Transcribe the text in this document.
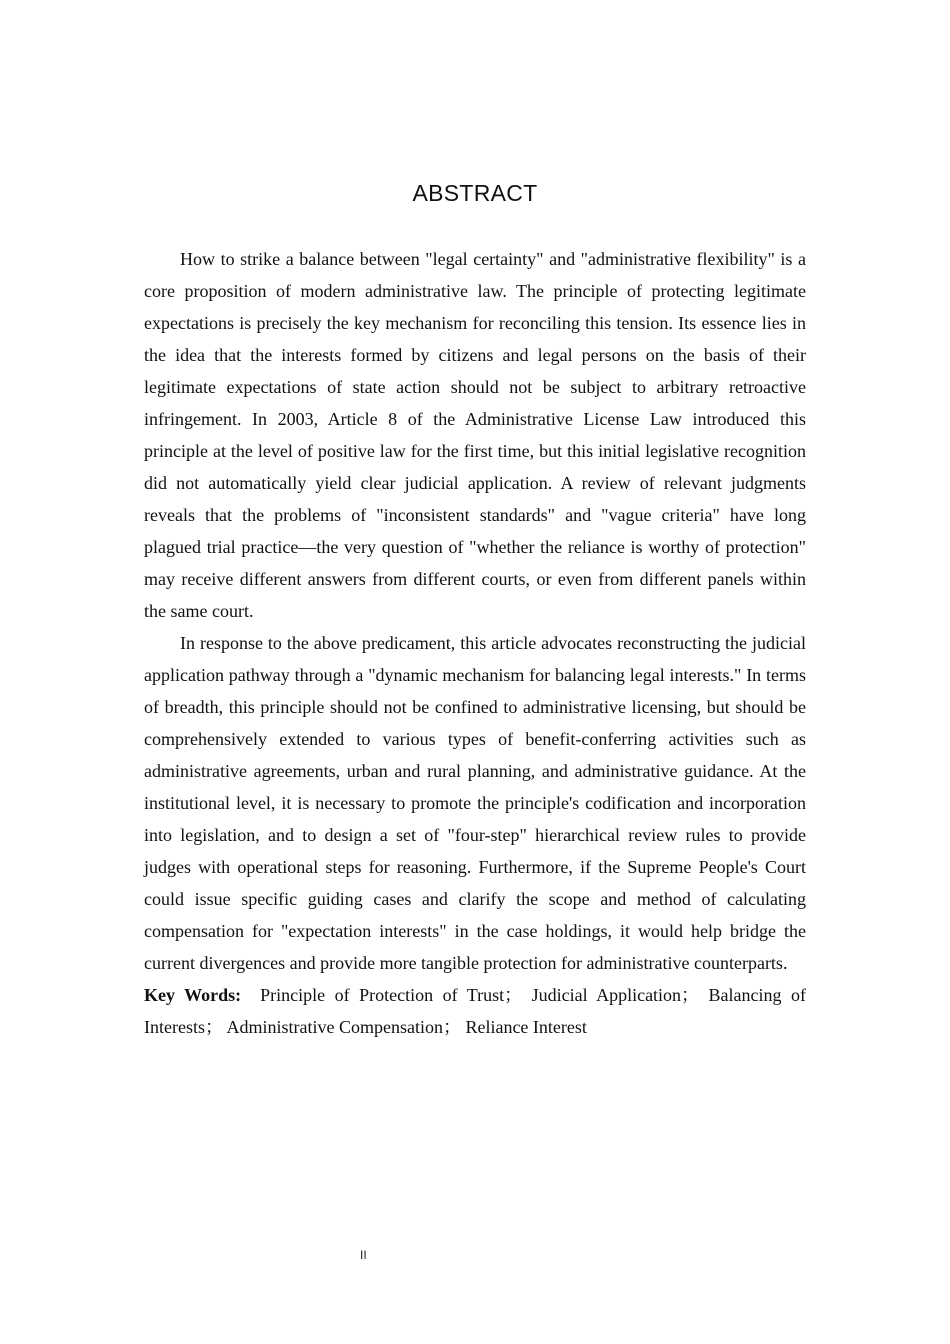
ABSTRACT

How to strike a balance between "legal certainty" and "administrative flexibility" is a core proposition of modern administrative law. The principle of protecting legitimate expectations is precisely the key mechanism for reconciling this tension. Its essence lies in the idea that the interests formed by citizens and legal persons on the basis of their legitimate expectations of state action should not be subject to arbitrary retroactive infringement. In 2003, Article 8 of the Administrative License Law introduced this principle at the level of positive law for the first time, but this initial legislative recognition did not automatically yield clear judicial application. A review of relevant judgments reveals that the problems of "inconsistent standards" and "vague criteria" have long plagued trial practice—the very question of "whether the reliance is worthy of protection" may receive different answers from different courts, or even from different panels within the same court.

In response to the above predicament, this article advocates reconstructing the judicial application pathway through a "dynamic mechanism for balancing legal interests." In terms of breadth, this principle should not be confined to administrative licensing, but should be comprehensively extended to various types of benefit-conferring activities such as administrative agreements, urban and rural planning, and administrative guidance. At the institutional level, it is necessary to promote the principle's codification and incorporation into legislation, and to design a set of "four-step" hierarchical review rules to provide judges with operational steps for reasoning. Furthermore, if the Supreme People's Court could issue specific guiding cases and clarify the scope and method of calculating compensation for "expectation interests" in the case holdings, it would help bridge the current divergences and provide more tangible protection for administrative counterparts.

Key Words: Principle of Protection of Trust； Judicial Application； Balancing of Interests； Administrative Compensation； Reliance Interest

II
